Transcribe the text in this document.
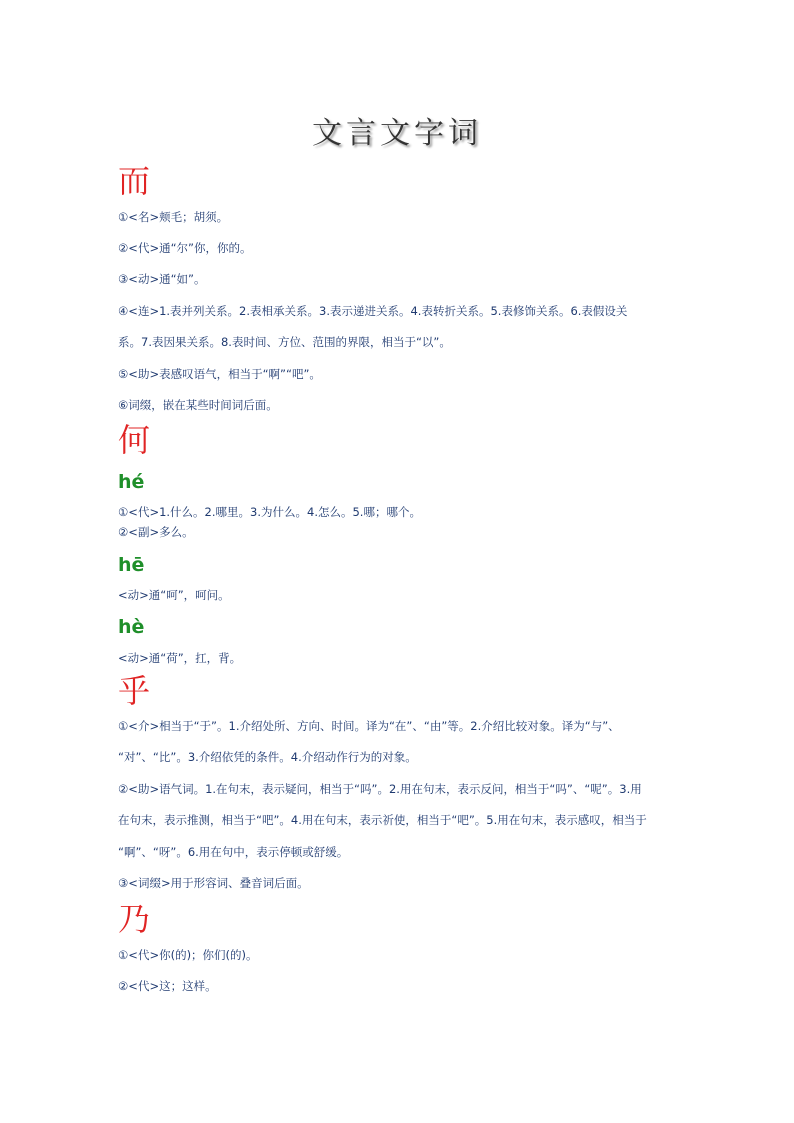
文言文字词
而
①<名>颊毛；胡须。
②<代>通“尔”你，你的。
③<动>通“如”。
④<连>1.表并列关系。2.表相承关系。3.表示递进关系。4.表转折关系。5.表修饰关系。6.表假设关
系。7.表因果关系。8.表时间、方位、范围的界限，相当于“以”。
⑤<助>表感叹语气，相当于“啊”“吧”。
⑥词缀，嵌在某些时间词后面。
何
hé
①<代>1.什么。2.哪里。3.为什么。4.怎么。5.哪；哪个。
②<副>多么。
hē
<动>通“呵”，呵问。
hè
<动>通“荷”，扛，背。
乎
①<介>相当于“于”。1.介绍处所、方向、时间。译为“在”、“由”等。2.介绍比较对象。译为“与”、
“对”、“比”。3.介绍依凭的条件。4.介绍动作行为的对象。
②<助>语气词。1.在句末，表示疑问，相当于“吗”。2.用在句末，表示反问，相当于“吗”、“呢”。3.用
在句末，表示推测，相当于“吧”。4.用在句末，表示祈使，相当于“吧”。5.用在句末，表示感叹，相当于
“啊”、“呀”。6.用在句中，表示停顿或舒缓。
③<词缀>用于形容词、叠音词后面。
乃
①<代>你(的)；你们(的)。
②<代>这；这样。
